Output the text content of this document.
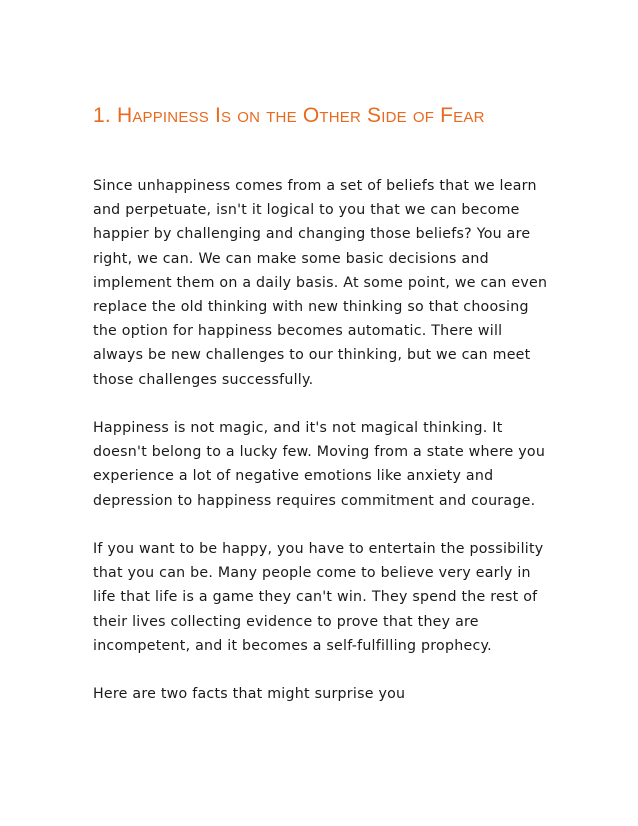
1. Happiness Is on the Other Side of Fear

Since unhappiness comes from a set of beliefs that we learn and perpetuate, isn't it logical to you that we can become happier by challenging and changing those beliefs? You are right, we can. We can make some basic decisions and implement them on a daily basis. At some point, we can even replace the old thinking with new thinking so that choosing the option for happiness becomes automatic. There will always be new challenges to our thinking, but we can meet those challenges successfully.

Happiness is not magic, and it's not magical thinking. It doesn't belong to a lucky few. Moving from a state where you experience a lot of negative emotions like anxiety and depression to happiness requires commitment and courage.

If you want to be happy, you have to entertain the possibility that you can be. Many people come to believe very early in life that life is a game they can't win. They spend the rest of their lives collecting evidence to prove that they are incompetent, and it becomes a self-fulfilling prophecy.

Here are two facts that might surprise you
